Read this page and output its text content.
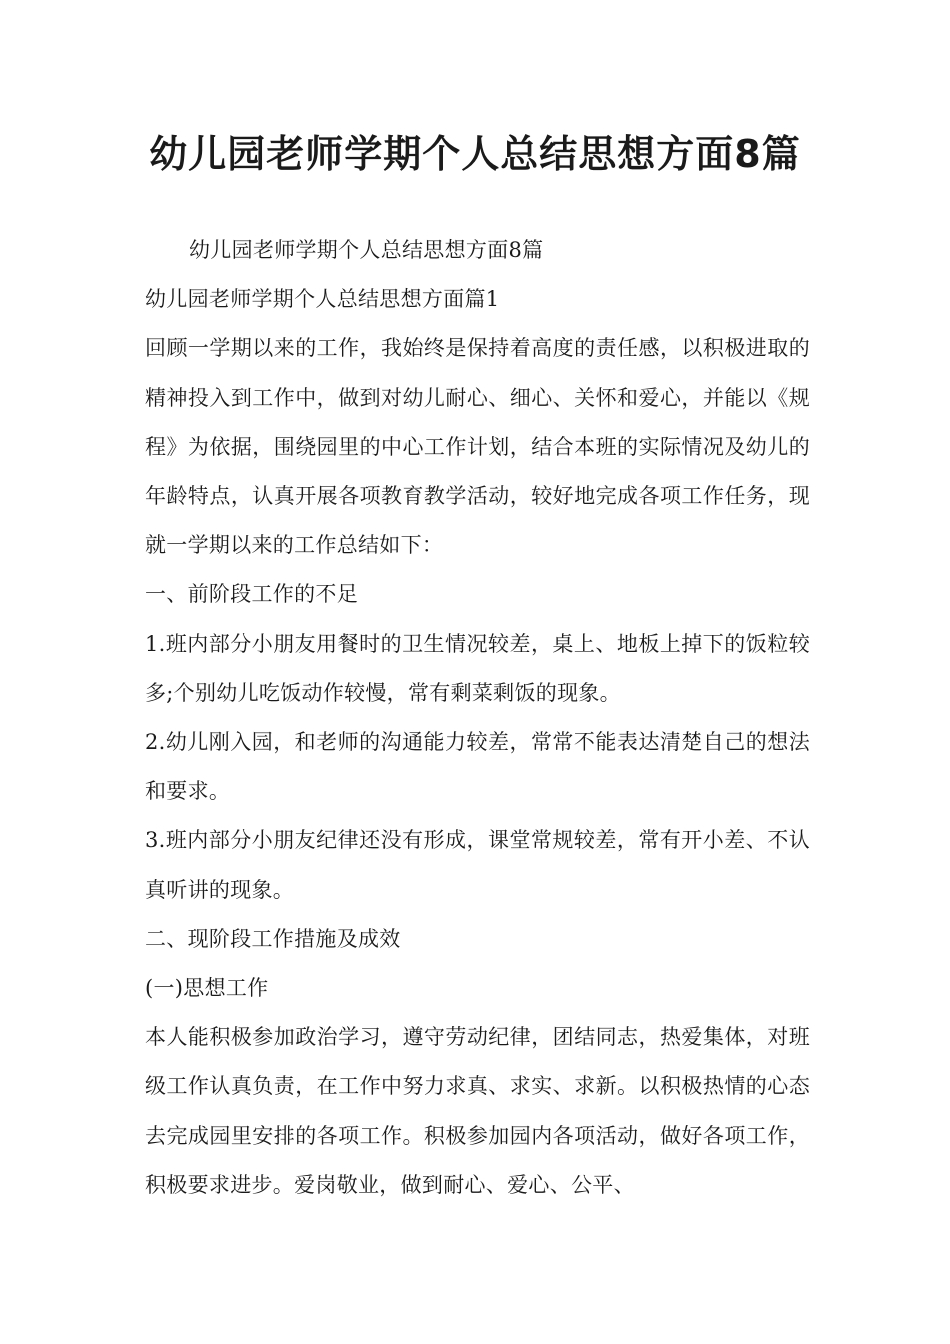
幼儿园老师学期个人总结思想方面8篇

幼儿园老师学期个人总结思想方面8篇

幼儿园老师学期个人总结思想方面篇1

回顾一学期以来的工作，我始终是保持着高度的责任感，以积极进取的精神投入到工作中，做到对幼儿耐心、细心、关怀和爱心，并能以《规程》为依据，围绕园里的中心工作计划，结合本班的实际情况及幼儿的年龄特点，认真开展各项教育教学活动，较好地完成各项工作任务，现就一学期以来的工作总结如下：

一、前阶段工作的不足

1.班内部分小朋友用餐时的卫生情况较差，桌上、地板上掉下的饭粒较多;个别幼儿吃饭动作较慢，常有剩菜剩饭的现象。

2.幼儿刚入园，和老师的沟通能力较差，常常不能表达清楚自己的想法和要求。

3.班内部分小朋友纪律还没有形成，课堂常规较差，常有开小差、不认真听讲的现象。

二、现阶段工作措施及成效

(一)思想工作

本人能积极参加政治学习，遵守劳动纪律，团结同志，热爱集体，对班级工作认真负责，在工作中努力求真、求实、求新。以积极热情的心态去完成园里安排的各项工作。积极参加园内各项活动，做好各项工作，积极要求进步。爱岗敬业，做到耐心、爱心、公平、
